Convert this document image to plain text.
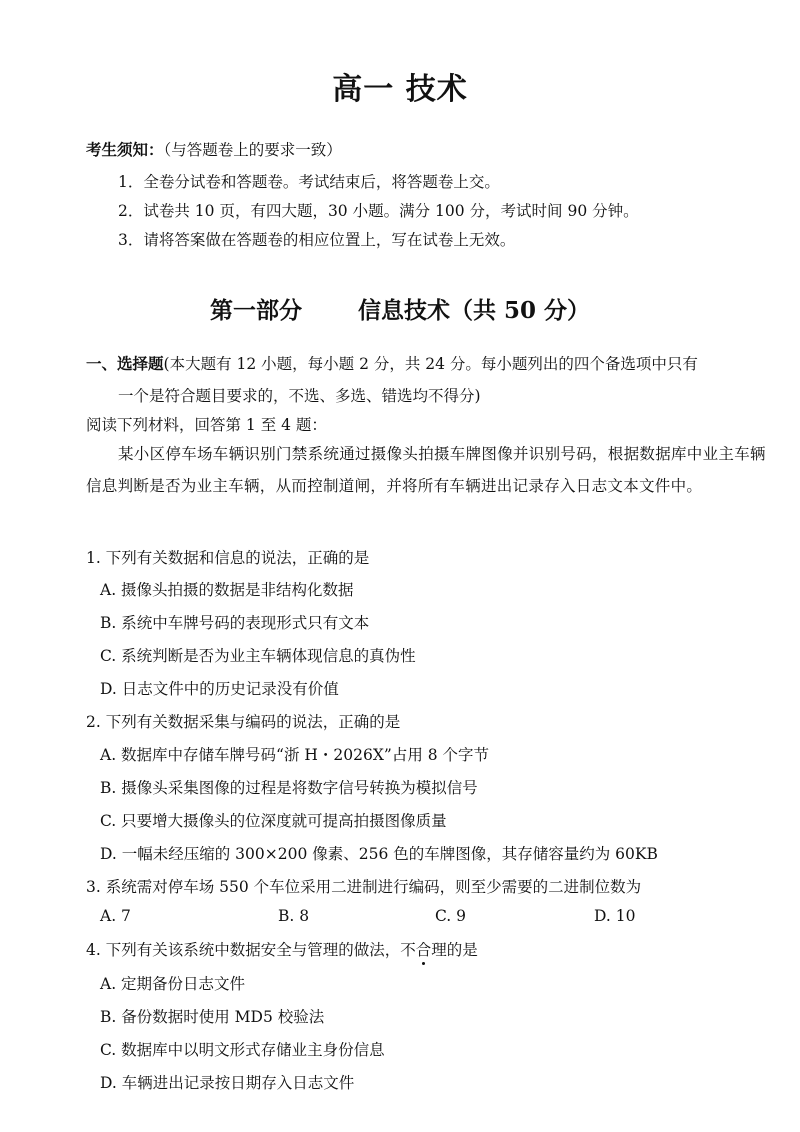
高一 技术
考生须知：（与答题卷上的要求一致）
1．全卷分试卷和答题卷。考试结束后，将答题卷上交。
2．试卷共 10 页，有四大题，30 小题。满分 100 分，考试时间 90 分钟。
3．请将答案做在答题卷的相应位置上，写在试卷上无效。
第一部分 信息技术（共 50 分）
一、选择题(本大题有 12 小题，每小题 2 分，共 24 分。每小题列出的四个备选项中只有
一个是符合题目要求的，不选、多选、错选均不得分)
阅读下列材料，回答第 1 至 4 题：
某小区停车场车辆识别门禁系统通过摄像头拍摄车牌图像并识别号码，根据数据库中业主车辆信息判断是否为业主车辆，从而控制道闸，并将所有车辆进出记录存入日志文本文件中。
1. 下列有关数据和信息的说法，正确的是
A. 摄像头拍摄的数据是非结构化数据
B. 系统中车牌号码的表现形式只有文本
C. 系统判断是否为业主车辆体现信息的真伪性
D. 日志文件中的历史记录没有价值
2. 下列有关数据采集与编码的说法，正确的是
A. 数据库中存储车牌号码“浙 H・2026X”占用 8 个字节
B. 摄像头采集图像的过程是将数字信号转换为模拟信号
C. 只要增大摄像头的位深度就可提高拍摄图像质量
D. 一幅未经压缩的 300×200 像素、256 色的车牌图像，其存储容量约为 60KB
3. 系统需对停车场 550 个车位采用二进制进行编码，则至少需要的二进制位数为
A. 7	B. 8	C. 9	D. 10
4. 下列有关该系统中数据安全与管理的做法，不合理的是
A. 定期备份日志文件
B. 备份数据时使用 MD5 校验法
C. 数据库中以明文形式存储业主身份信息
D. 车辆进出记录按日期存入日志文件
